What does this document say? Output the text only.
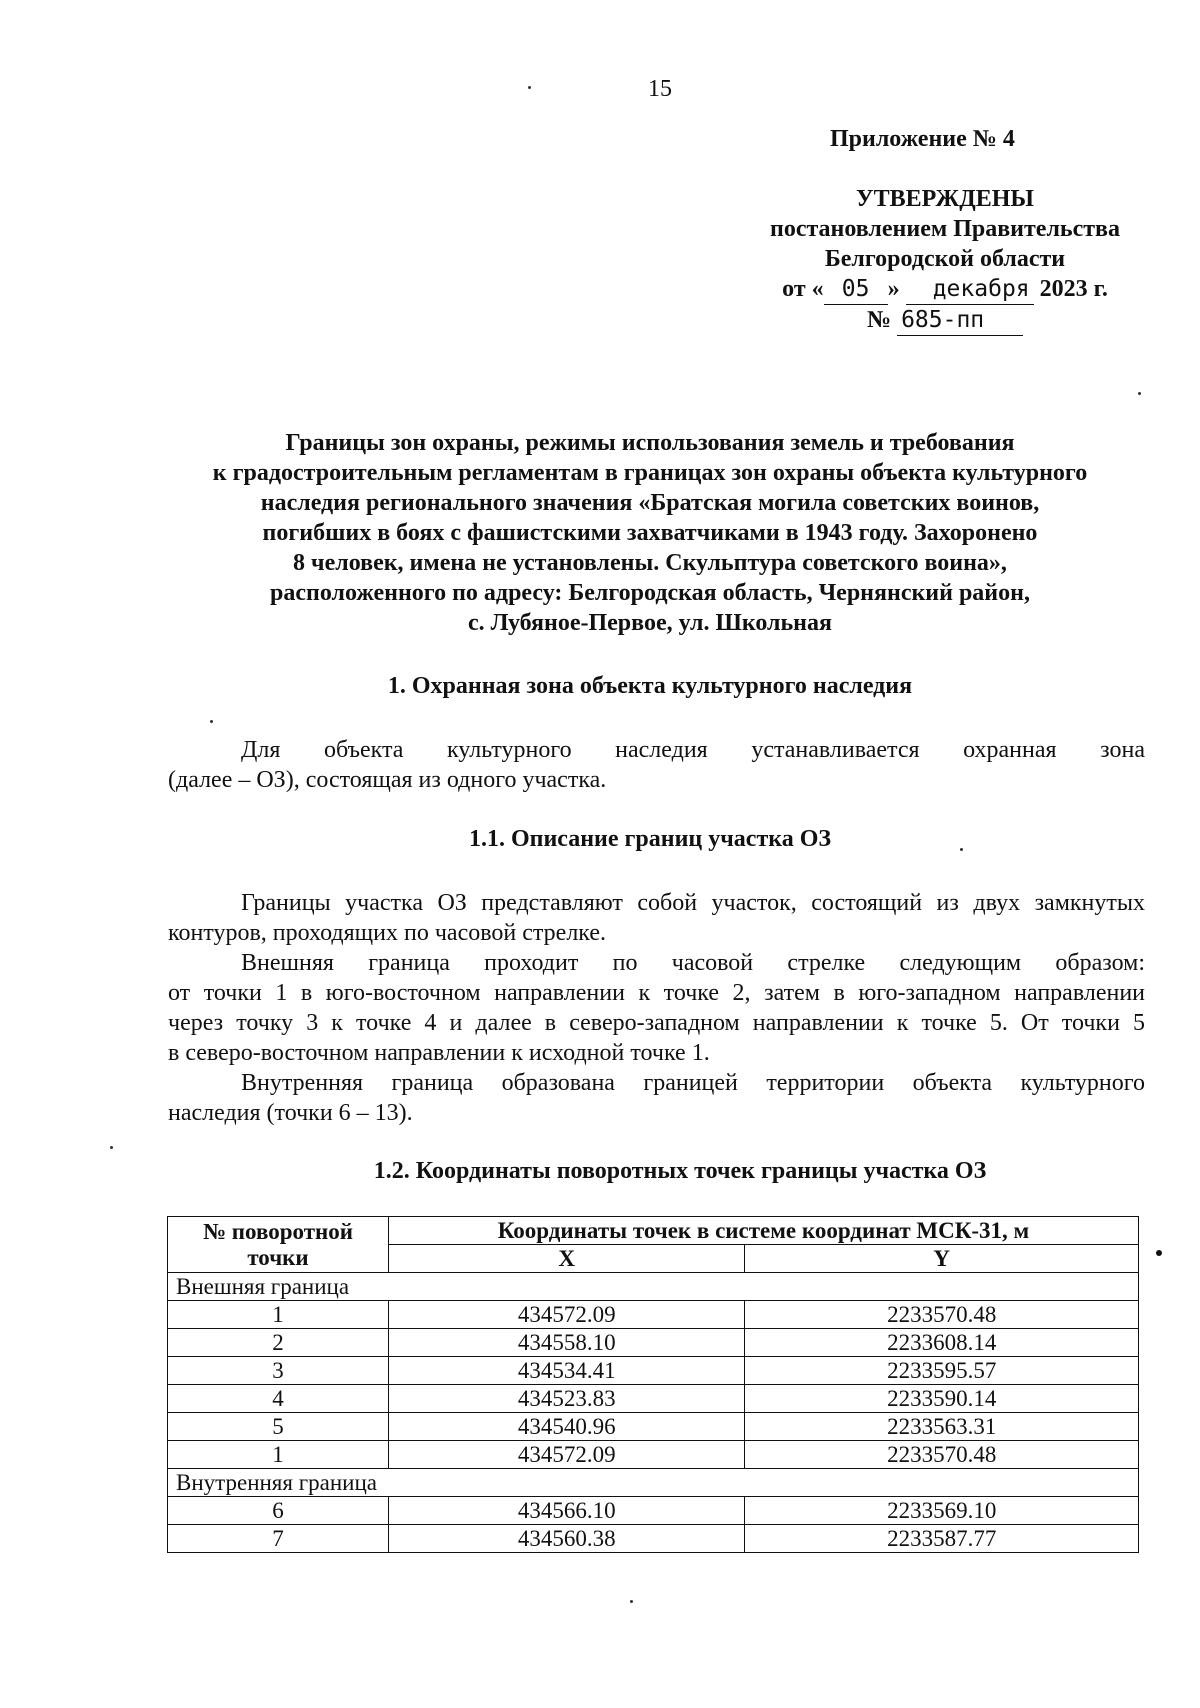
15
Приложение № 4
УТВЕРЖДЕНЫ
постановлением Правительства
Белгородской области
от « 05 » декабря 2023 г.
№ 685-пп
Границы зон охраны, режимы использования земель и требования
к градостроительным регламентам в границах зон охраны объекта культурного
наследия регионального значения «Братская могила советских воинов,
погибших в боях с фашистскими захватчиками в 1943 году. Захоронено
8 человек, имена не установлены. Скульптура советского воина»,
расположенного по адресу: Белгородская область, Чернянский район,
с. Лубяное-Первое, ул. Школьная
1. Охранная зона объекта культурного наследия
Для объекта культурного наследия устанавливается охранная зона
(далее – ОЗ), состоящая из одного участка.
1.1. Описание границ участка ОЗ
Границы участка ОЗ представляют собой участок, состоящий из двух замкнутых
контуров, проходящих по часовой стрелке.
Внешняя граница проходит по часовой стрелке следующим образом:
от точки 1 в юго-восточном направлении к точке 2, затем в юго-западном направлении
через точку 3 к точке 4 и далее в северо-западном направлении к точке 5. От точки 5
в северо-восточном направлении к исходной точке 1.
Внутренняя граница образована границей территории объекта культурного
наследия (точки 6 – 13).
1.2. Координаты поворотных точек границы участка ОЗ
№ поворотной
точки	Координаты точек в системе координат МСК-31, м	
	X	Y
Внешняя граница		
1	434572.09	2233570.48
2	434558.10	2233608.14
3	434534.41	2233595.57
4	434523.83	2233590.14
5	434540.96	2233563.31
1	434572.09	2233570.48
Внутренняя граница		
6	434566.10	2233569.10
7	434560.38	2233587.77
